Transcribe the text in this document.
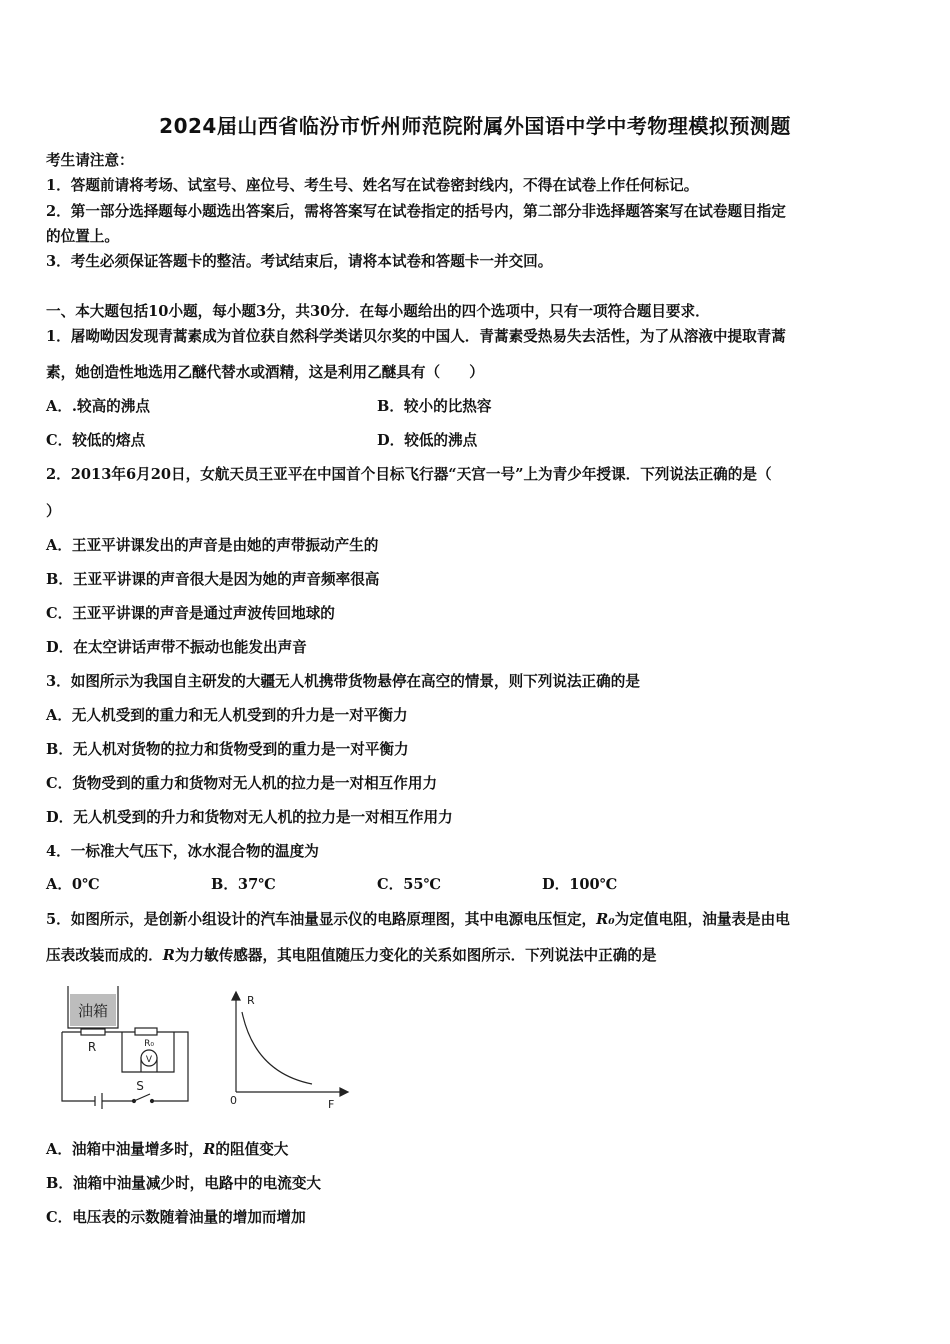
2024届山西省临汾市忻州师范院附属外国语中学中考物理模拟预测题
考生请注意：
1．答题前请将考场、试室号、座位号、考生号、姓名写在试卷密封线内，不得在试卷上作任何标记。
2．第一部分选择题每小题选出答案后，需将答案写在试卷指定的括号内，第二部分非选择题答案写在试卷题目指定
的位置上。
3．考生必须保证答题卡的整洁。考试结束后，请将本试卷和答题卡一并交回。
一、本大题包括10小题，每小题3分，共30分．在每小题给出的四个选项中，只有一项符合题目要求．
1．屠呦呦因发现青蒿素成为首位获自然科学类诺贝尔奖的中国人．青蒿素受热易失去活性，为了从溶液中提取青蒿
素，她创造性地选用乙醚代替水或酒精，这是利用乙醚具有（　　）
A．.较高的沸点	B．较小的比热容
C．较低的熔点	D．较低的沸点
2．2013年6月20日，女航天员王亚平在中国首个目标飞行器“天宫一号”上为青少年授课．下列说法正确的是（
）
A．王亚平讲课发出的声音是由她的声带振动产生的
B．王亚平讲课的声音很大是因为她的声音频率很高
C．王亚平讲课的声音是通过声波传回地球的
D．在太空讲话声带不振动也能发出声音
3．如图所示为我国自主研发的大疆无人机携带货物悬停在高空的情景，则下列说法正确的是
A．无人机受到的重力和无人机受到的升力是一对平衡力
B．无人机对货物的拉力和货物受到的重力是一对平衡力
C．货物受到的重力和货物对无人机的拉力是一对相互作用力
D．无人机受到的升力和货物对无人机的拉力是一对相互作用力
4．一标准大气压下，冰水混合物的温度为
A．0℃	B．37℃	C．55℃	D．100℃
5．如图所示，是创新小组设计的汽车油量显示仪的电路原理图，其中电源电压恒定，R₀为定值电阻，油量表是由电
压表改装而成的．R为力敏传感器，其电阻值随压力变化的关系如图所示．下列说法中正确的是
油箱
R	R₀
V
S
R
F
0
A．油箱中油量增多时，R的阻值变大
B．油箱中油量减少时，电路中的电流变大
C．电压表的示数随着油量的增加而增加
